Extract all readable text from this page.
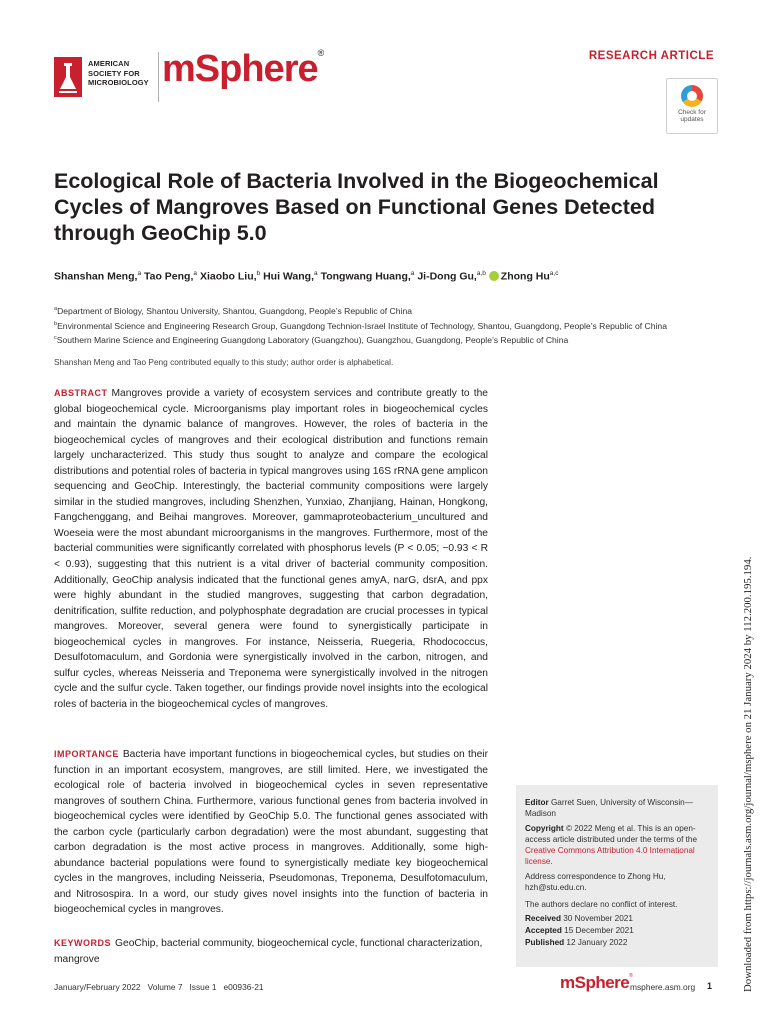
AMERICAN
SOCIETY FOR
MICROBIOLOGY mSphere®	RESEARCH ARTICLE
Check for
updates
Ecological Role of Bacteria Involved in the Biogeochemical Cycles of Mangroves Based on Functional Genes Detected through GeoChip 5.0
Shanshan Meng,$^a$ Tao Peng,$^a$ Xiaobo Liu,$^b$ Hui Wang,$^a$ Tongwang Huang,$^a$ Ji-Dong Gu,$^{a,b}$ Zhong Hu$^{a,c}$
$^a$Department of Biology, Shantou University, Shantou, Guangdong, People’s Republic of China
$^b$Environmental Science and Engineering Research Group, Guangdong Technion-Israel Institute of Technology, Shantou, Guangdong, People’s Republic of China
$^c$Southern Marine Science and Engineering Guangdong Laboratory (Guangzhou), Guangzhou, Guangdong, People’s Republic of China
Shanshan Meng and Tao Peng contributed equally to this study; author order is alphabetical.
ABSTRACT Mangroves provide a variety of ecosystem services and contribute greatly to the global biogeochemical cycle. Microorganisms play important roles in biogeochemical cycles and maintain the dynamic balance of mangroves. However, the roles of bacteria in the biogeochemical cycles of mangroves and their ecological distribution and functions remain largely uncharacterized. This study thus sought to analyze and compare the ecological distributions and potential roles of bacteria in typical mangroves using 16S rRNA gene amplicon sequencing and GeoChip. Interestingly, the bacterial community compositions were largely similar in the studied mangroves, including Shenzhen, Yunxiao, Zhanjiang, Hainan, Hongkong, Fangchenggang, and Beihai mangroves. Moreover, gammaproteobacterium_uncultured and Woeseia were the most abundant microorganisms in the mangroves. Furthermore, most of the bacterial communities were significantly correlated with phosphorus levels (P < 0.05; −0.93 < R < 0.93), suggesting that this nutrient is a vital driver of bacterial community composition. Additionally, GeoChip analysis indicated that the functional genes amyA, narG, dsrA, and ppx were highly abundant in the studied mangroves, suggesting that carbon degradation, denitrification, sulfite reduction, and polyphosphate degradation are crucial processes in typical mangroves. Moreover, several genera were found to synergistically participate in biogeochemical cycles in mangroves. For instance, Neisseria, Ruegeria, Rhodococcus, Desulfotomaculum, and Gordonia were synergistically involved in the carbon, nitrogen, and sulfur cycles, whereas Neisseria and Treponema were synergistically involved in the nitrogen cycle and the sulfur cycle. Taken together, our findings provide novel insights into the ecological roles of bacteria in the biogeochemical cycles of mangroves.
IMPORTANCE Bacteria have important functions in biogeochemical cycles, but studies on their function in an important ecosystem, mangroves, are still limited. Here, we investigated the ecological role of bacteria involved in biogeochemical cycles in seven representative mangroves of southern China. Furthermore, various functional genes from bacteria involved in biogeochemical cycles were identified by GeoChip 5.0. The functional genes associated with the carbon cycle (particularly carbon degradation) were the most abundant, suggesting that carbon degradation is the most active process in mangroves. Additionally, some high-abundance bacterial populations were found to synergistically mediate key biogeochemical cycles in the mangroves, including Neisseria, Pseudomonas, Treponema, Desulfotomaculum, and Nitrosospira. In a word, our study gives novel insights into the function of bacteria in biogeochemical cycles in mangroves.
KEYWORDS GeoChip, bacterial community, biogeochemical cycle, functional characterization, mangrove
Editor Garret Suen, University of Wisconsin—Madison
Copyright © 2022 Meng et al. This is an open-access article distributed under the terms of the Creative Commons Attribution 4.0 International license.
Address correspondence to Zhong Hu, hzh@stu.edu.cn.
The authors declare no conflict of interest.
Received 30 November 2021
Accepted 15 December 2021
Published 12 January 2022
January/February 2022   Volume 7   Issue 1   e00936-21	mSphere®
msphere.asm.org 1	Downloaded from https://journals.asm.org/journal/msphere on 21 January 2024 by 112.200.195.194.
